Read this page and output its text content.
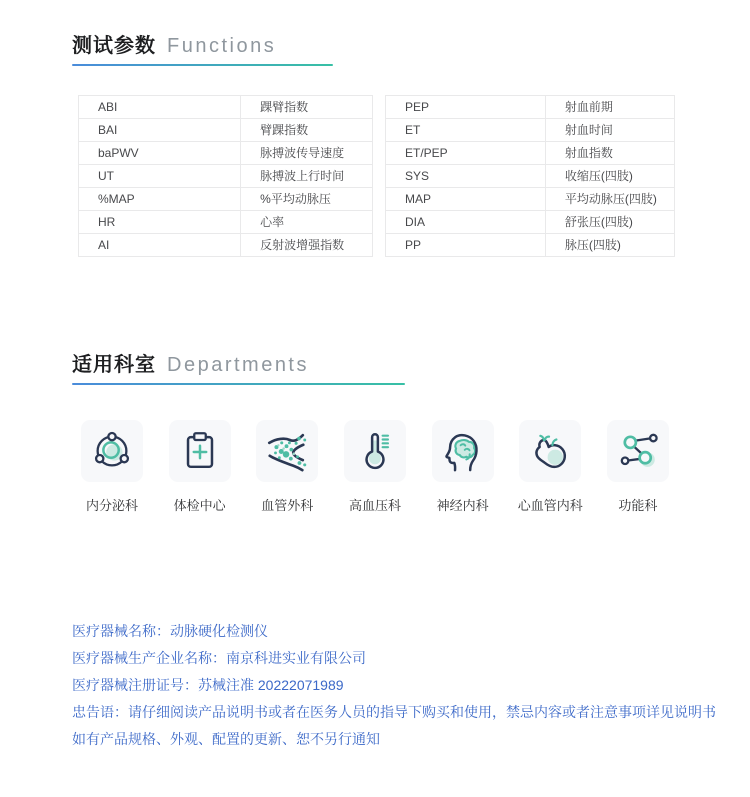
测试参数 Functions
ABI	踝臂指数
BAI	臂踝指数
baPWV	脉搏波传导速度
UT	脉搏波上行时间
%MAP	%平均动脉压
HR	心率
AI	反射波增强指数
PEP	射血前期
ET	射血时间
ET/PEP	射血指数
SYS	收缩压(四肢)
MAP	平均动脉压(四肢)
DIA	舒张压(四肢)
PP	脉压(四肢)
适用科室 Departments
内分泌科	体检中心	血管外科	高血压科	神经内科 心血管内科	功能科
医疗器械名称：动脉硬化检测仪
医疗器械生产企业名称：南京科进实业有限公司
医疗器械注册证号：苏械注准 20222071989
忠告语：请仔细阅读产品说明书或者在医务人员的指导下购买和使用，禁忌内容或者注意事项详见说明书
如有产品规格、外观、配置的更新、恕不另行通知
